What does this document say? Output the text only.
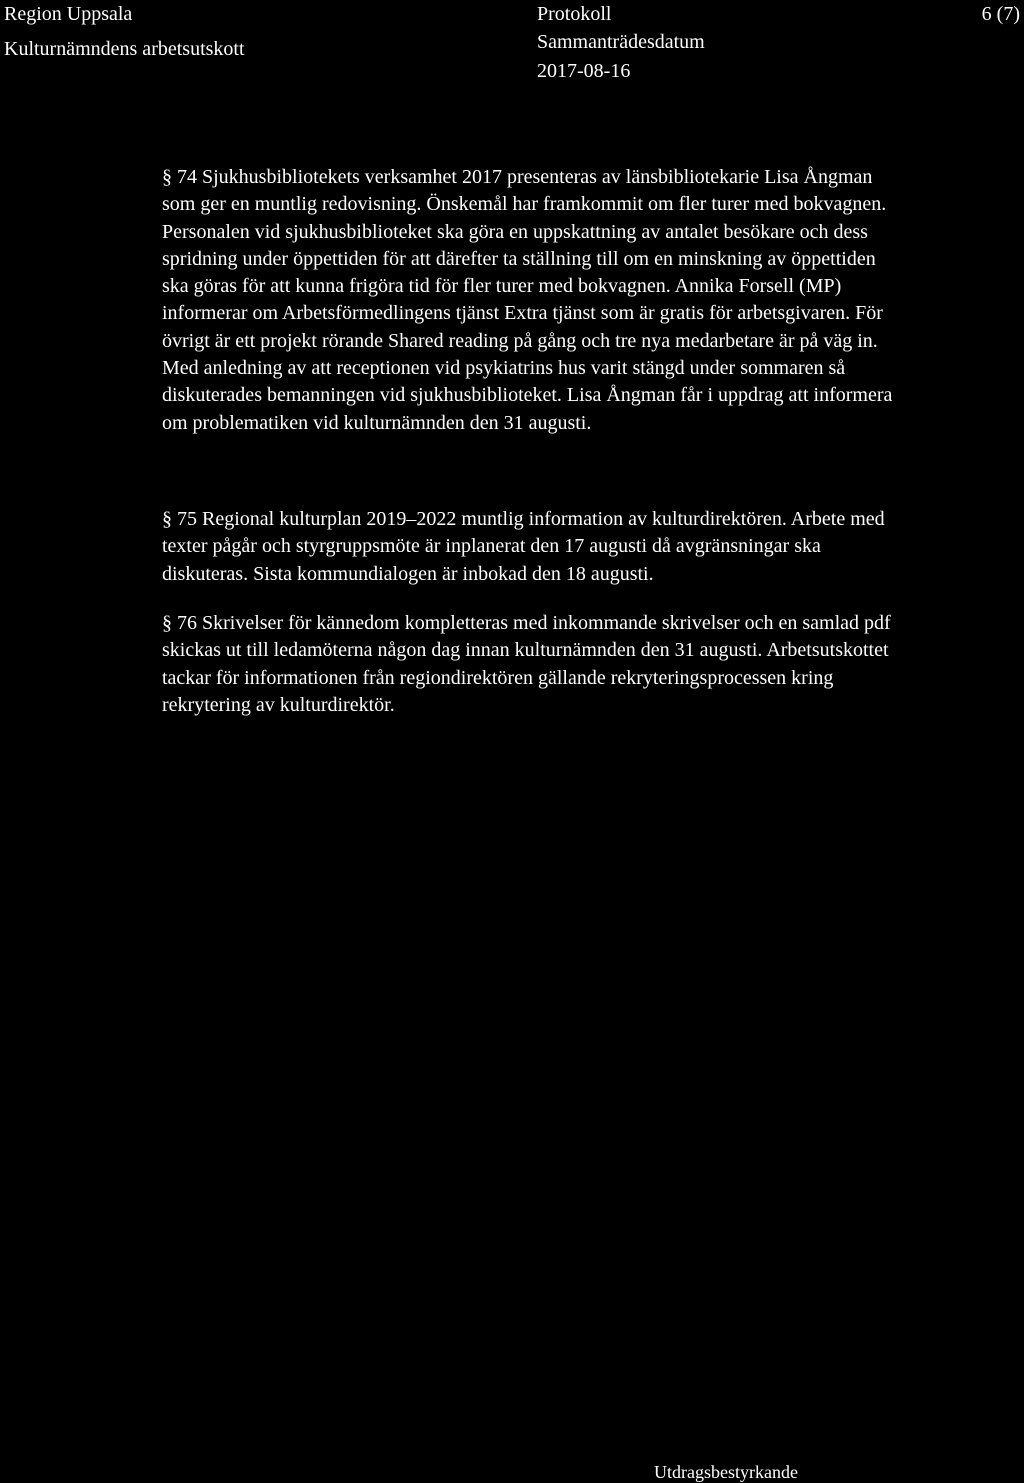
Region Uppsala

Kulturnämndens arbetsutskott

Protokoll

Sammanträdesdatum

2017-08-16

6 (7)

§ 74 Sjukhusbibliotekets verksamhet 2017 presenteras av länsbibliotekarie Lisa Ångman som ger en muntlig redovisning. Önskemål har framkommit om fler turer med bokvagnen. Personalen vid sjukhusbiblioteket ska göra en uppskattning av antalet besökare och dess spridning under öppettiden för att därefter ta ställning till om en minskning av öppettiden ska göras för att kunna frigöra tid för fler turer med bokvagnen. Annika Forsell (MP) informerar om Arbetsförmedlingens tjänst Extra tjänst som är gratis för arbetsgivaren. För övrigt är ett projekt rörande Shared reading på gång och tre nya medarbetare är på väg in. Med anledning av att receptionen vid psykiatrins hus varit stängd under sommaren så diskuterades bemanningen vid sjukhusbiblioteket. Lisa Ångman får i uppdrag att informera om problematiken vid kulturnämnden den 31 augusti.

§ 75 Regional kulturplan 2019–2022 muntlig information av kulturdirektören. Arbete med texter pågår och styrgruppsmöte är inplanerat den 17 augusti då avgränsningar ska diskuteras. Sista kommundialogen är inbokad den 18 augusti.

§ 76 Skrivelser för kännedom kompletteras med inkommande skrivelser och en samlad pdf skickas ut till ledamöterna någon dag innan kulturnämnden den 31 augusti. Arbetsutskottet tackar för informationen från regiondirektören gällande rekryteringsprocessen kring rekrytering av kulturdirektör.

Utdragsbestyrkande
